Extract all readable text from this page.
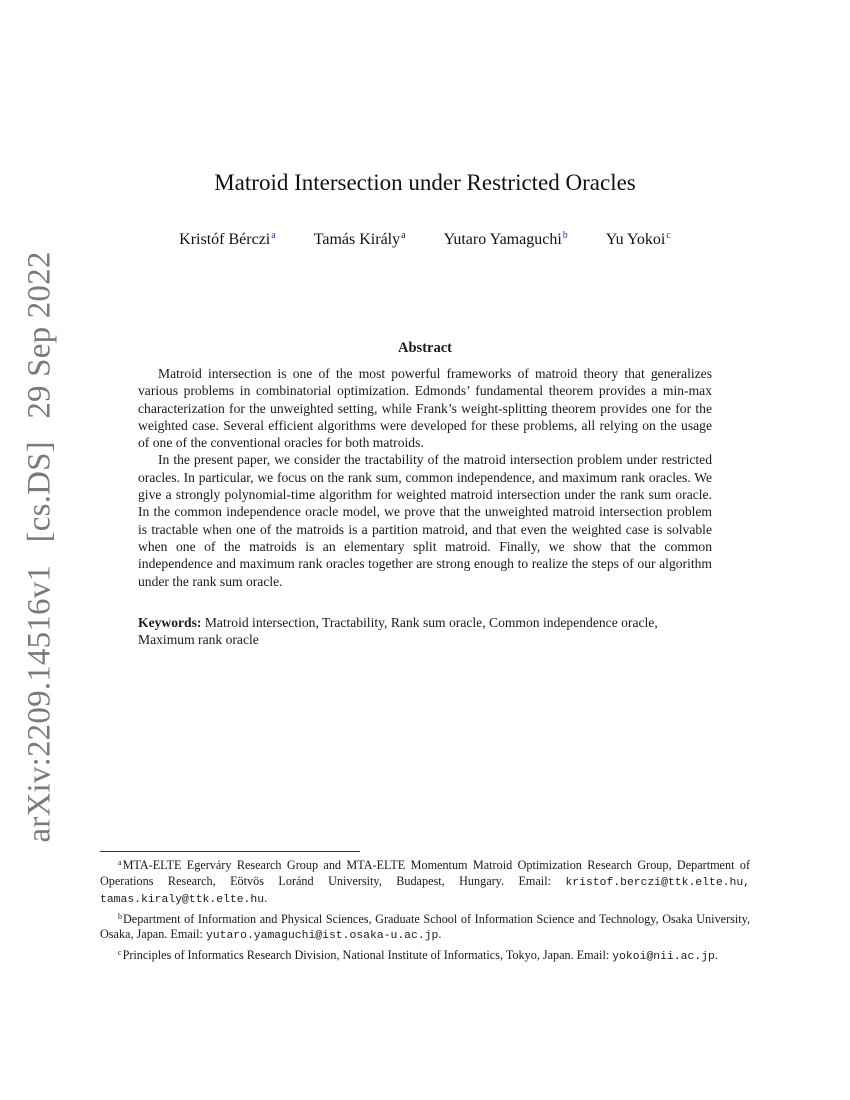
arXiv:2209.14516v1 [cs.DS] 29 Sep 2022
Matroid Intersection under Restricted Oracles
Kristóf Bérczi$^a$ Tamás Király$^a$ Yutaro Yamaguchi$^b$ Yu Yokoi$^c$
Abstract

Matroid intersection is one of the most powerful frameworks of matroid theory that generalizes various problems in combinatorial optimization. Edmonds’ fundamental theorem provides a min-max characterization for the unweighted setting, while Frank’s weight-splitting theorem provides one for the weighted case. Several efficient algorithms were developed for these problems, all relying on the usage of one of the conventional oracles for both matroids.

In the present paper, we consider the tractability of the matroid intersection problem under restricted oracles. In particular, we focus on the rank sum, common independence, and maximum rank oracles. We give a strongly polynomial-time algorithm for weighted matroid intersection under the rank sum oracle. In the common independence oracle model, we prove that the unweighted matroid intersection problem is tractable when one of the matroids is a partition matroid, and that even the weighted case is solvable when one of the matroids is an elementary split matroid. Finally, we show that the common independence and maximum rank oracles together are strong enough to realize the steps of our algorithm under the rank sum oracle.

Keywords: Matroid intersection, Tractability, Rank sum oracle, Common independence oracle, Maximum rank oracle

$^a$MTA-ELTE Egerváry Research Group and MTA-ELTE Momentum Matroid Optimization Research Group, Department of Operations Research, Eötvös Loránd University, Budapest, Hungary. Email: kristof.berczi@ttk.elte.hu, tamas.kiraly@ttk.elte.hu.

$^b$Department of Information and Physical Sciences, Graduate School of Information Science and Technology, Osaka University, Osaka, Japan. Email: yutaro.yamaguchi@ist.osaka-u.ac.jp.

$^c$Principles of Informatics Research Division, National Institute of Informatics, Tokyo, Japan. Email: yokoi@nii.ac.jp.
